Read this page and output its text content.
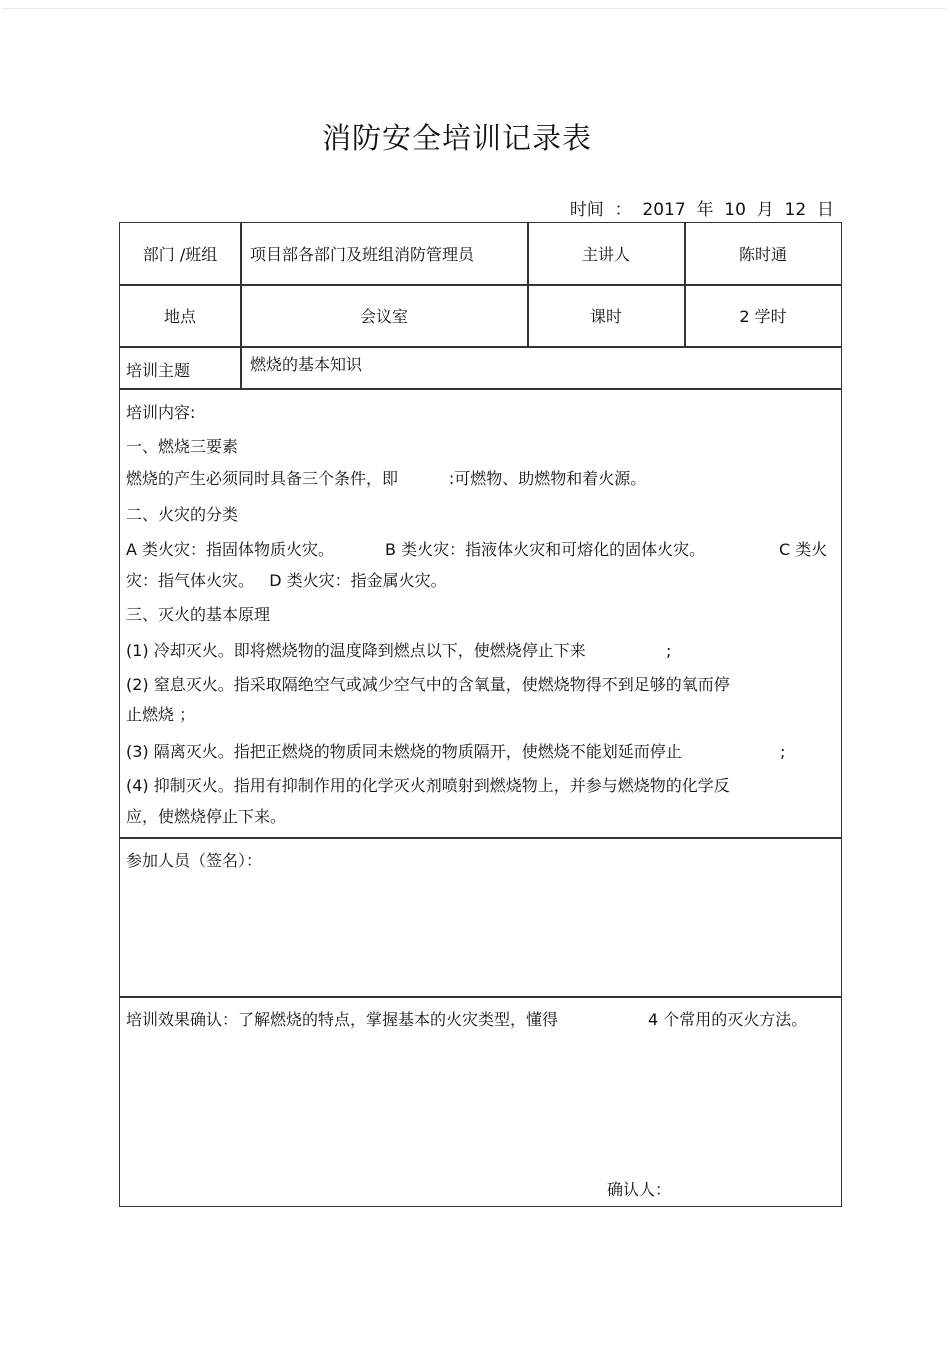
消防安全培训记录表
时间  ：  2017  年  10  月  12  日
部门 /班组	项目部各部门及班组消防管理员	主讲人	陈时通
地点	会议室	课时	2 学时
培训主题	燃烧的基本知识
培训内容:
一、燃烧三要素
燃烧的产生必须同时具备三个条件，即          :可燃物、助燃物和着火源。
二、火灾的分类
A 类火灾：指固体物质火灾。	B 类火灾：指液体火灾和可熔化的固体火灾。	C 类火
灾：指气体火灾。   D 类火灾：指金属火灾。
三、灭火的基本原理
(1) 冷却灭火。即将燃烧物的温度降到燃点以下，使燃烧停止下来	;
(2) 窒息灭火。指采取隔绝空气或减少空气中的含氧量，使燃烧物得不到足够的氧而停
止燃烧 ；
(3) 隔离灭火。指把正燃烧的物质同未燃烧的物质隔开，使燃烧不能划延而停止	;
(4) 抑制灭火。指用有抑制作用的化学灭火剂喷射到燃烧物上，并参与燃烧物的化学反
应，使燃烧停止下来。
参加人员（签名）：
培训效果确认：了解燃烧的特点，掌握基本的火灾类型，懂得	4 个常用的灭火方法。
确认人：
